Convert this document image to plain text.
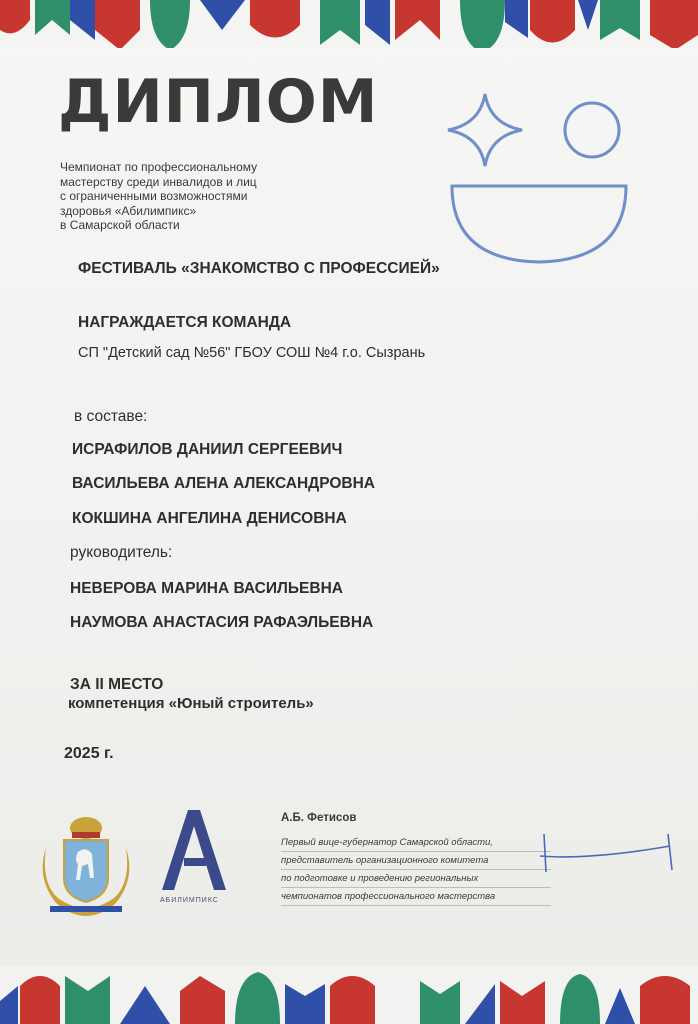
ДИПЛОМ
Чемпионат по профессиональному
мастерству среди инвалидов и лиц
с ограниченными возможностями
здоровья «Абилимпикс»
в Самарской области
ФЕСТИВАЛЬ «ЗНАКОМСТВО С ПРОФЕССИЕЙ»
НАГРАЖДАЕТСЯ КОМАНДА
СП "Детский сад №56" ГБОУ СОШ №4 г.о. Сызрань
в составе:
ИСРАФИЛОВ ДАНИИЛ СЕРГЕЕВИЧ
ВАСИЛЬЕВА АЛЕНА АЛЕКСАНДРОВНА
КОКШИНА АНГЕЛИНА ДЕНИСОВНА
руководитель:
НЕВЕРОВА МАРИНА ВАСИЛЬЕВНА
НАУМОВА АНАСТАСИЯ РАФАЭЛЬЕВНА
ЗА II МЕСТО
компетенция «Юный строитель»
2025 г.
АБИЛИМПИКС
А.Б. Фетисов
Первый вице-губернатор Самарской области,
представитель организационного комитета
по подготовке и проведению региональных
чемпионатов профессионального мастерства
